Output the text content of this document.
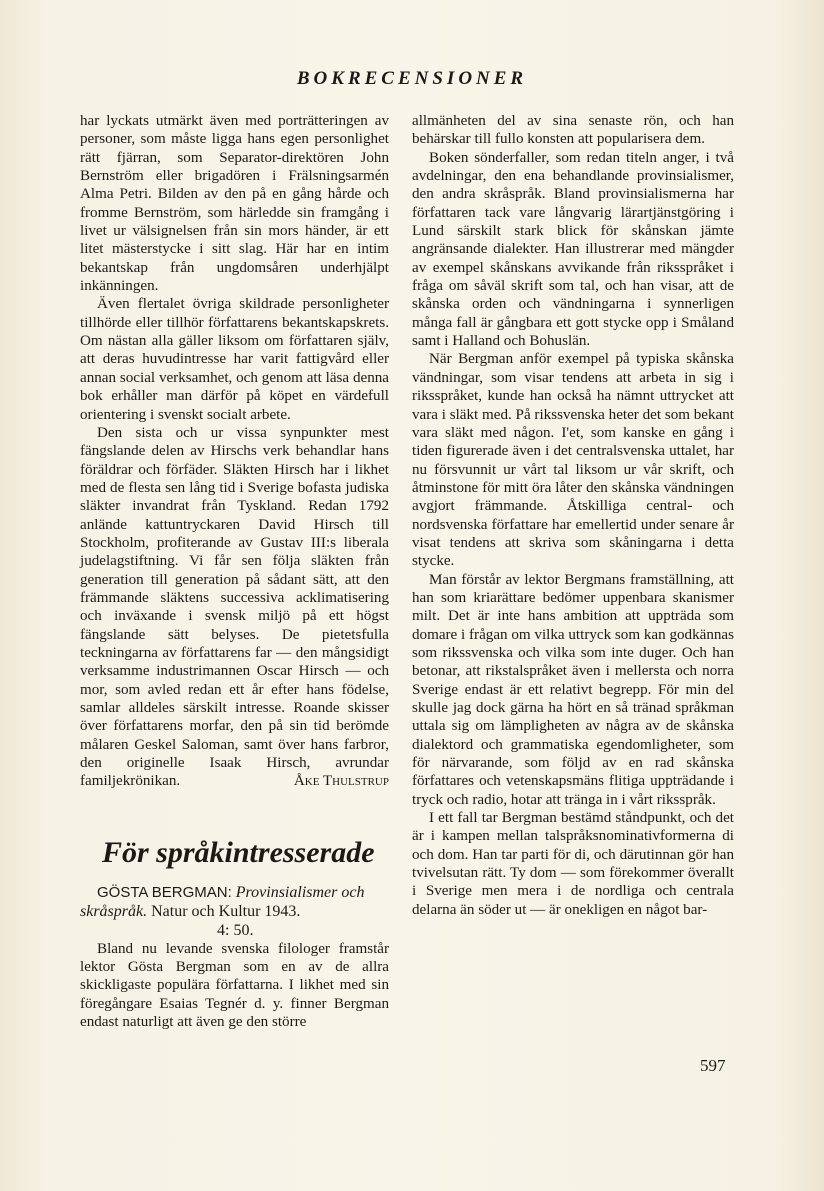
BOKRECENSIONER

har lyckats utmärkt även med porträtteringen av personer, som måste ligga hans egen personlighet rätt fjärran, som Separator-direktören John Bernström eller brigadören i Frälsningsarmén Alma Petri. Bilden av den på en gång hårde och fromme Bernström, som härledde sin framgång i livet ur välsignelsen från sin mors händer, är ett litet mästerstycke i sitt slag. Här har en intim bekantskap från ungdomsåren underhjälpt inkänningen.

Även flertalet övriga skildrade personligheter tillhörde eller tillhör författarens bekantskapskrets. Om nästan alla gäller liksom om författaren själv, att deras huvudintresse har varit fattigvård eller annan social verksamhet, och genom att läsa denna bok erhåller man därför på köpet en värdefull orientering i svenskt socialt arbete.

Den sista och ur vissa synpunkter mest fängslande delen av Hirschs verk behandlar hans föräldrar och förfäder. Släkten Hirsch har i likhet med de flesta sen lång tid i Sverige bofasta judiska släkter invandrat från Tyskland. Redan 1792 anlände kattuntryckaren David Hirsch till Stockholm, profiterande av Gustav III:s liberala judelagstiftning. Vi får sen följa släkten från generation till generation på sådant sätt, att den främmande släktens successiva acklimatisering och inväxande i svensk miljö på ett högst fängslande sätt belyses. De pietetsfulla teckningarna av författarens far — den mångsidigt verksamme industrimannen Oscar Hirsch — och mor, som avled redan ett år efter hans födelse, samlar alldeles särskilt intresse. Roande skisser över författarens morfar, den på sin tid berömde målaren Geskel Saloman, samt över hans farbror, den originelle Isaak Hirsch, avrundar familjekrönikan.	Åke Thulstrup

För språkintresserade

GÖSTA BERGMAN: Provinsialismer och skråspråk. Natur och Kultur 1943.
4: 50.

Bland nu levande svenska filologer framstår lektor Gösta Bergman som en av de allra skickligaste populära författarna. I likhet med sin föregångare Esaias Tegnér d. y. finner Bergman endast naturligt att även ge den större

allmänheten del av sina senaste rön, och han behärskar till fullo konsten att popularisera dem.

Boken sönderfaller, som redan titeln anger, i två avdelningar, den ena behandlande provinsialismer, den andra skråspråk. Bland provinsialismerna har författaren tack vare långvarig lärartjänstgöring i Lund särskilt stark blick för skånskan jämte angränsande dialekter. Han illustrerar med mängder av exempel skånskans avvikande från riksspråket i fråga om såväl skrift som tal, och han visar, att de skånska orden och vändningarna i synnerligen många fall är gångbara ett gott stycke opp i Småland samt i Halland och Bohuslän.

När Bergman anför exempel på typiska skånska vändningar, som visar tendens att arbeta in sig i riksspråket, kunde han också ha nämnt uttrycket att vara i släkt med. På rikssvenska heter det som bekant vara släkt med någon. I'et, som kanske en gång i tiden figurerade även i det centralsvenska uttalet, har nu försvunnit ur vårt tal liksom ur vår skrift, och åtminstone för mitt öra låter den skånska vändningen avgjort främmande. Åtskilliga central- och nordsvenska författare har emellertid under senare år visat tendens att skriva som skåningarna i detta stycke.

Man förstår av lektor Bergmans framställning, att han som kriarättare bedömer uppenbara skanismer milt. Det är inte hans ambition att uppträda som domare i frågan om vilka uttryck som kan godkännas som rikssvenska och vilka som inte duger. Och han betonar, att rikstalspråket även i mellersta och norra Sverige endast är ett relativt begrepp. För min del skulle jag dock gärna ha hört en så tränad språkman uttala sig om lämpligheten av några av de skånska dialektord och grammatiska egendomligheter, som för närvarande, som följd av en rad skånska författares och vetenskapsmäns flitiga uppträdande i tryck och radio, hotar att tränga in i vårt riksspråk.

I ett fall tar Bergman bestämd ståndpunkt, och det är i kampen mellan talspråksnominativformerna di och dom. Han tar parti för di, och därutinnan gör han tvivelsutan rätt. Ty dom — som förekommer överallt i Sverige men mera i de nordliga och centrala delarna än söder ut — är onekligen en något bar-

597
